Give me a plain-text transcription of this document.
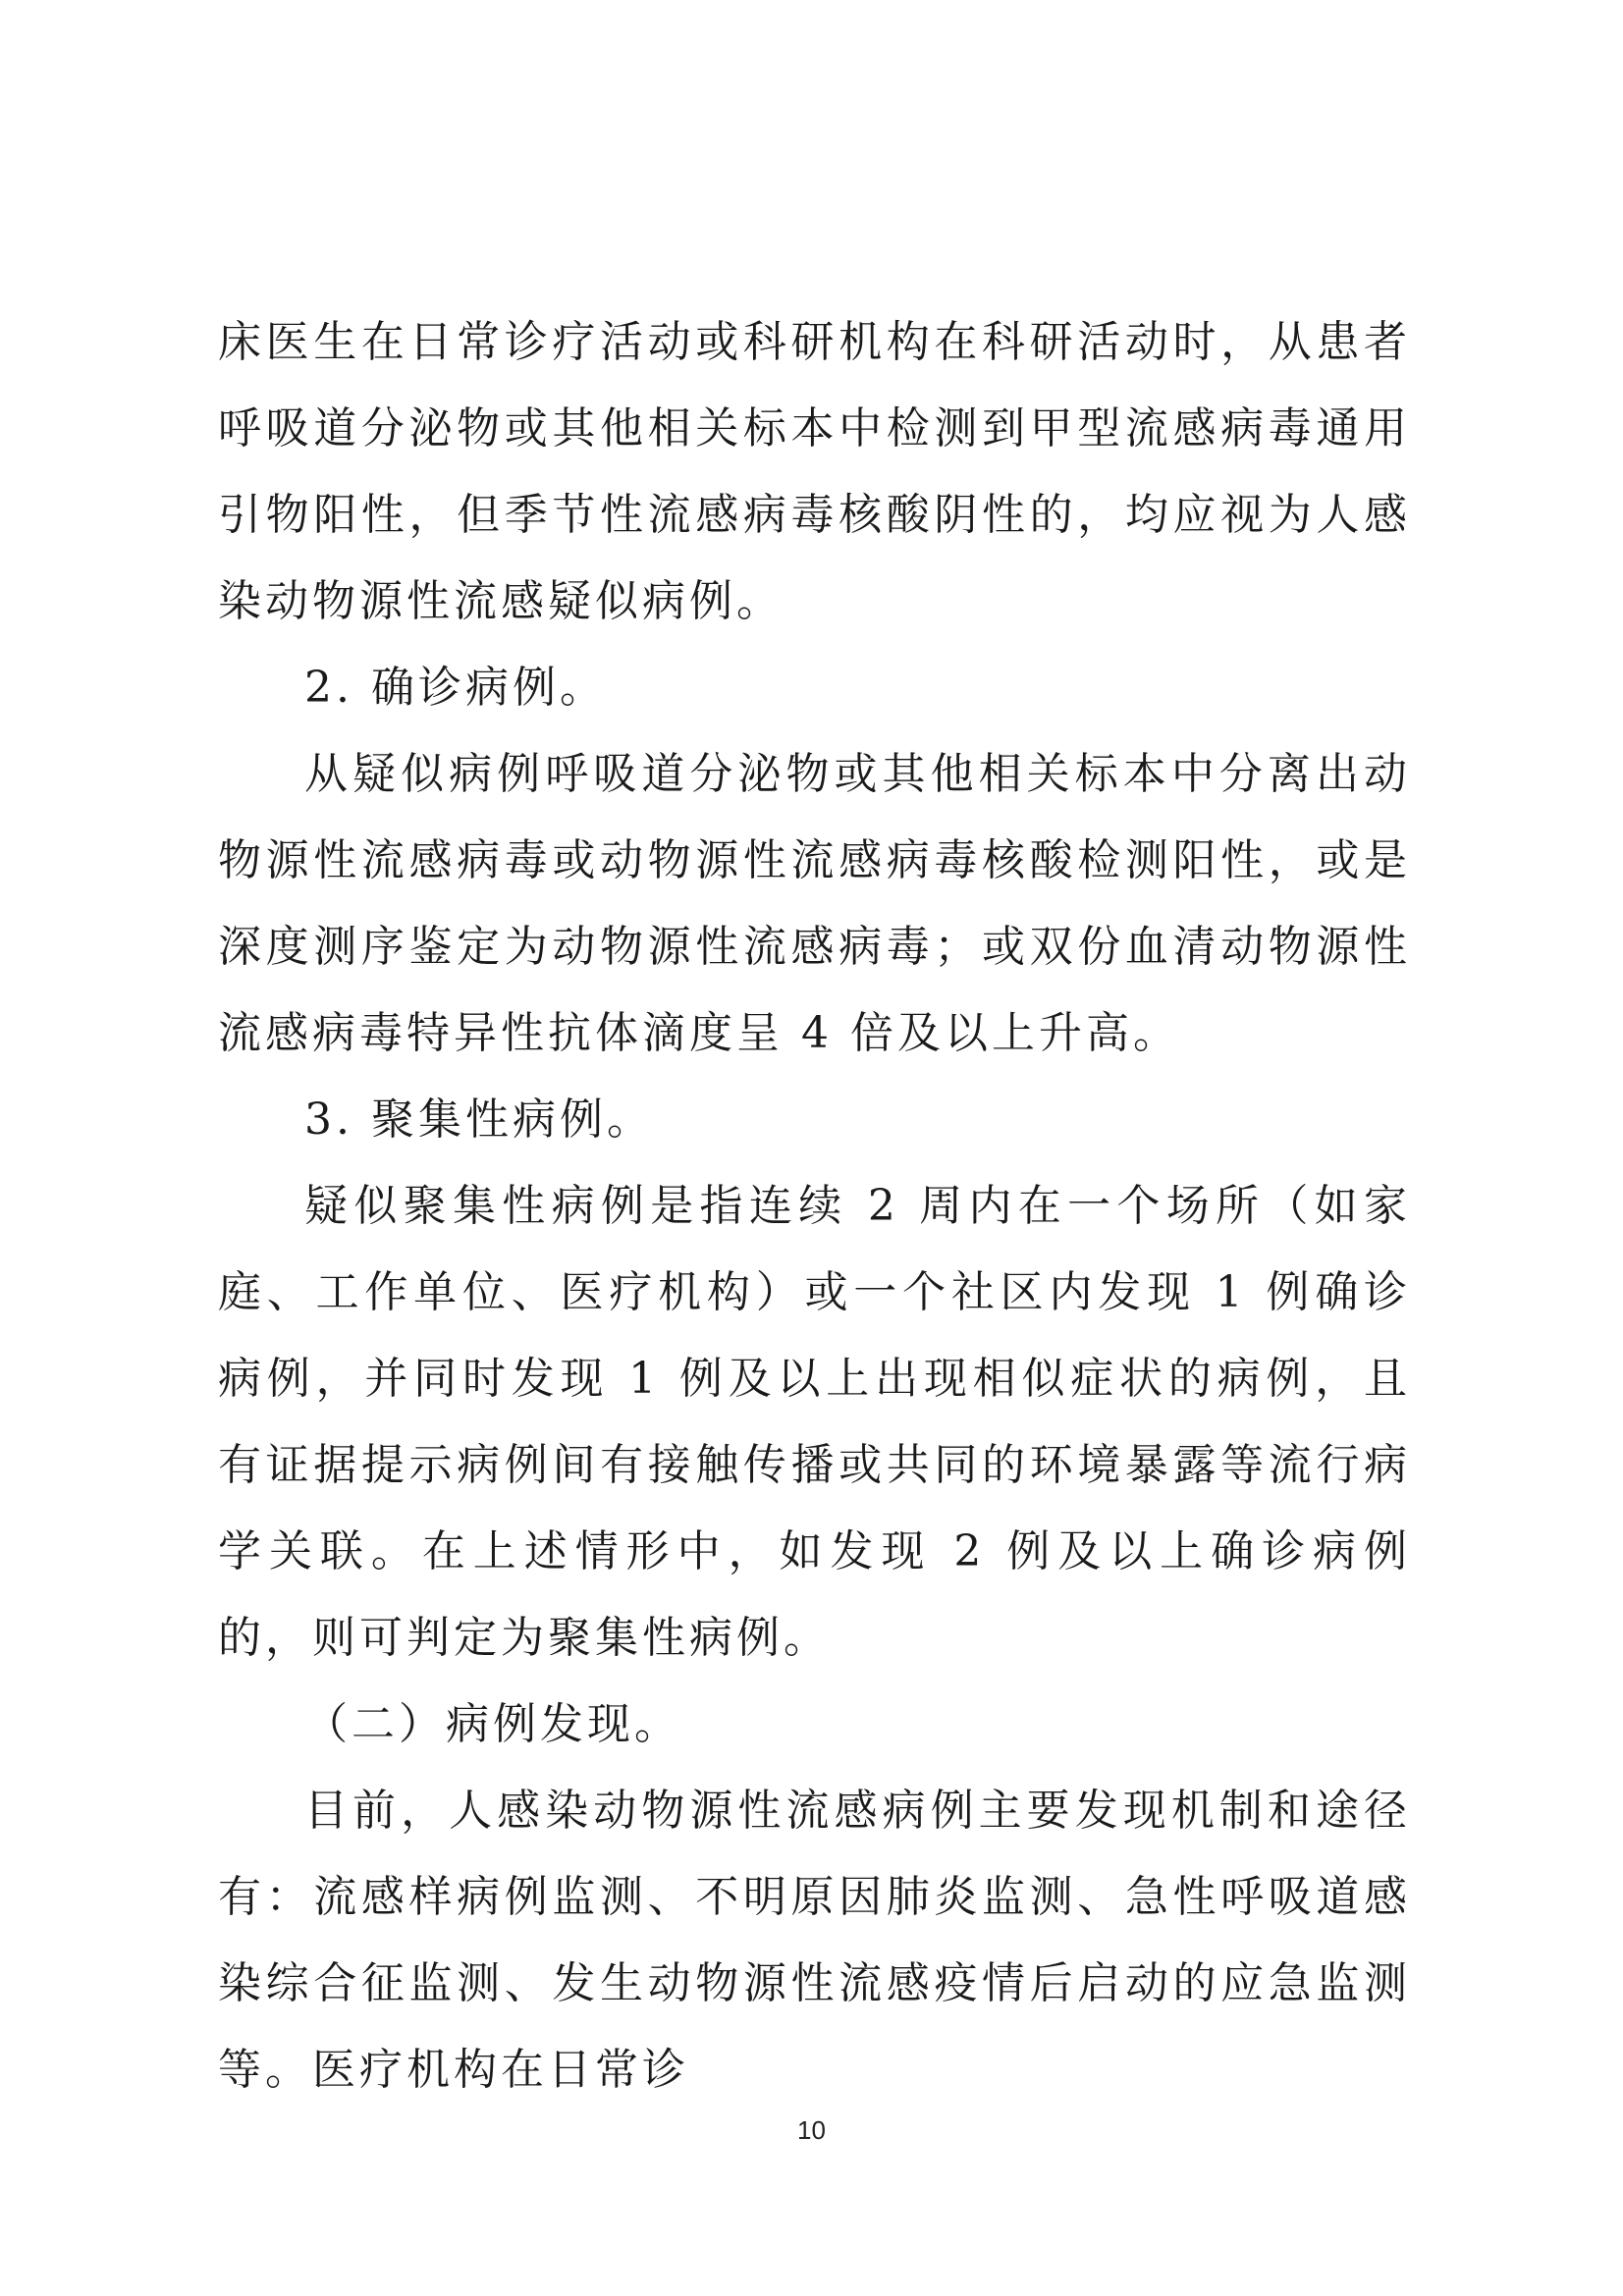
床医生在日常诊疗活动或科研机构在科研活动时，从患者呼吸道分泌物或其他相关标本中检测到甲型流感病毒通用引物阳性，但季节性流感病毒核酸阴性的，均应视为人感染动物源性流感疑似病例。

2. 确诊病例。

从疑似病例呼吸道分泌物或其他相关标本中分离出动物源性流感病毒或动物源性流感病毒核酸检测阳性，或是深度测序鉴定为动物源性流感病毒；或双份血清动物源性流感病毒特异性抗体滴度呈 4 倍及以上升高。

3. 聚集性病例。

疑似聚集性病例是指连续 2 周内在一个场所（如家庭、工作单位、医疗机构）或一个社区内发现 1 例确诊病例，并同时发现 1 例及以上出现相似症状的病例，且有证据提示病例间有接触传播或共同的环境暴露等流行病学关联。在上述情形中，如发现 2 例及以上确诊病例的，则可判定为聚集性病例。

（二）病例发现。

目前，人感染动物源性流感病例主要发现机制和途径有：流感样病例监测、不明原因肺炎监测、急性呼吸道感染综合征监测、发生动物源性流感疫情后启动的应急监测等。医疗机构在日常诊

10
